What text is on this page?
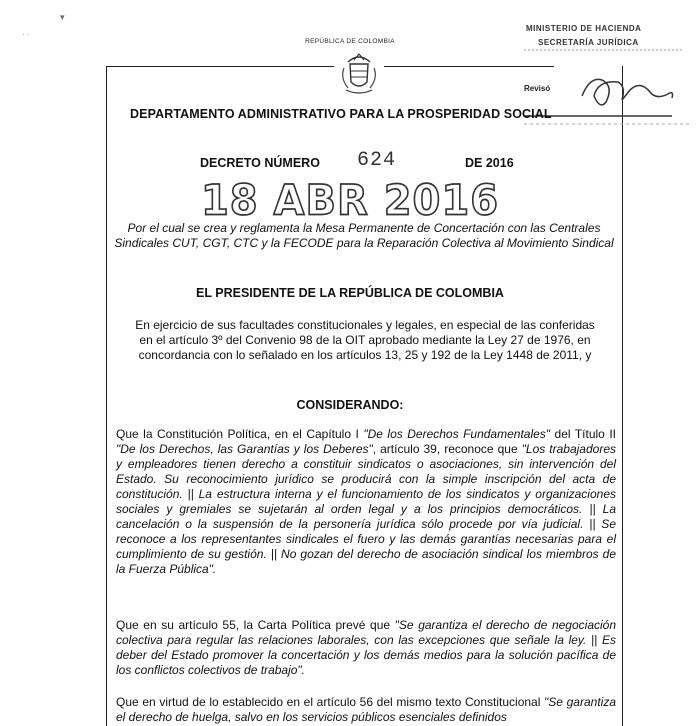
▾
· ·
REPÚBLICA DE COLOMBIA
MINISTERIO DE HACIENDA
SECRETARÍA JURÍDICA
Revisó
DEPARTAMENTO ADMINISTRATIVO PARA LA PROSPERIDAD SOCIAL
DECRETO NÚMERO 624	DE 2016
18 ABR 2016
Por el cual se crea y reglamenta la Mesa Permanente de Concertación con las Centrales Sindicales CUT, CGT, CTC y la FECODE para la Reparación Colectiva al Movimiento Sindical
EL PRESIDENTE DE LA REPÚBLICA DE COLOMBIA
En ejercicio de sus facultades constitucionales y legales, en especial de las conferidas en el artículo 3º del Convenio 98 de la OIT aprobado mediante la Ley 27 de 1976, en concordancia con lo señalado en los artículos 13, 25 y 192 de la Ley 1448 de 2011, y
CONSIDERANDO:
Que la Constitución Política, en el Capítulo I "De los Derechos Fundamentales" del Título II "De los Derechos, las Garantías y los Deberes", artículo 39, reconoce que "Los trabajadores y empleadores tienen derecho a constituir sindicatos o asociaciones, sin intervención del Estado. Su reconocimiento jurídico se producirá con la simple inscripción del acta de constitución. || La estructura interna y el funcionamiento de los sindicatos y organizaciones sociales y gremiales se sujetarán al orden legal y a los principios democráticos. || La cancelación o la suspensión de la personería jurídica sólo procede por vía judicial. || Se reconoce a los representantes sindicales el fuero y las demás garantías necesarias para el cumplimiento de su gestión. || No gozan del derecho de asociación sindical los miembros de la Fuerza Pública".
Que en su artículo 55, la Carta Política prevé que "Se garantiza el derecho de negociación colectiva para regular las relaciones laborales, con las excepciones que señale la ley. || Es deber del Estado promover la concertación y los demás medios para la solución pacífica de los conflictos colectivos de trabajo".
Que en virtud de lo establecido en el artículo 56 del mismo texto Constitucional "Se garantiza el derecho de huelga, salvo en los servicios públicos esenciales definidos
